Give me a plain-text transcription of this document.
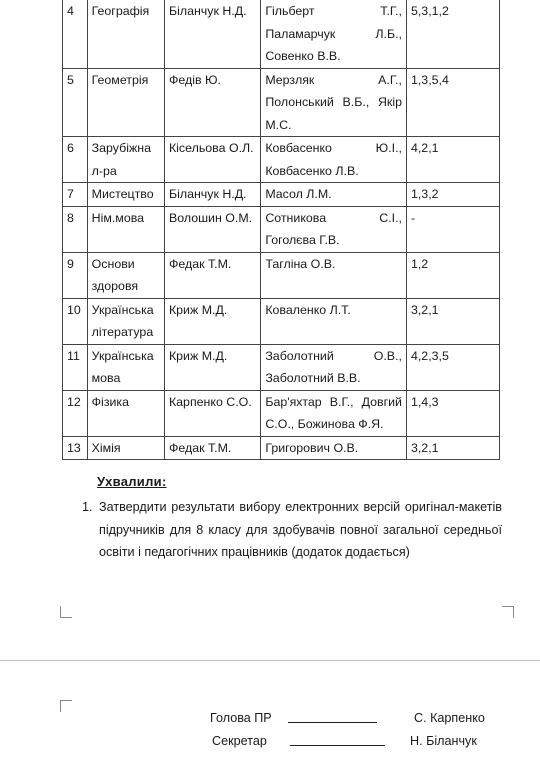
4	Географія	Біланчук Н.Д.	Гільберт Т.Г., Паламарчук Л.Б., Совенко В.В.	5,3,1,2
5	Геометрія	Федів Ю.	Мерзляк А.Г., Полонський В.Б., Якір М.С.	1,3,5,4
6	Зарубіжна л-ра	Кісельова О.Л.	Ковбасенко Ю.І., Ковбасенко Л.В.	4,2,1
7	Мистецтво	Біланчук Н.Д.	Масол Л.М.	1,3,2
8	Нім.мова	Волошин О.М.	Сотникова С.І., Гоголєва Г.В.	-
9	Основи здоровя	Федак Т.М.	Тагліна О.В.	1,2
10	Українська література	Криж М.Д.	Коваленко Л.Т.	3,2,1
11	Українська мова	Криж М.Д.	Заболотний О.В., Заболотний В.В.	4,2,3,5
12	Фізика	Карпенко С.О.	Бар'яхтар В.Г., Довгий С.О., Божинова Ф.Я.	1,4,3
13	Хімія	Федак Т.М.	Григорович О.В.	3,2,1
Ухвалили:
1. Затвердити результати вибору електронних версій оригінал-макетів підручників для 8 класу для здобувачів повної загальної середньої освіти і педагогічних працівників (додаток додається)
Голова ПР	С. Карпенко
Секретар	Н. Біланчук
